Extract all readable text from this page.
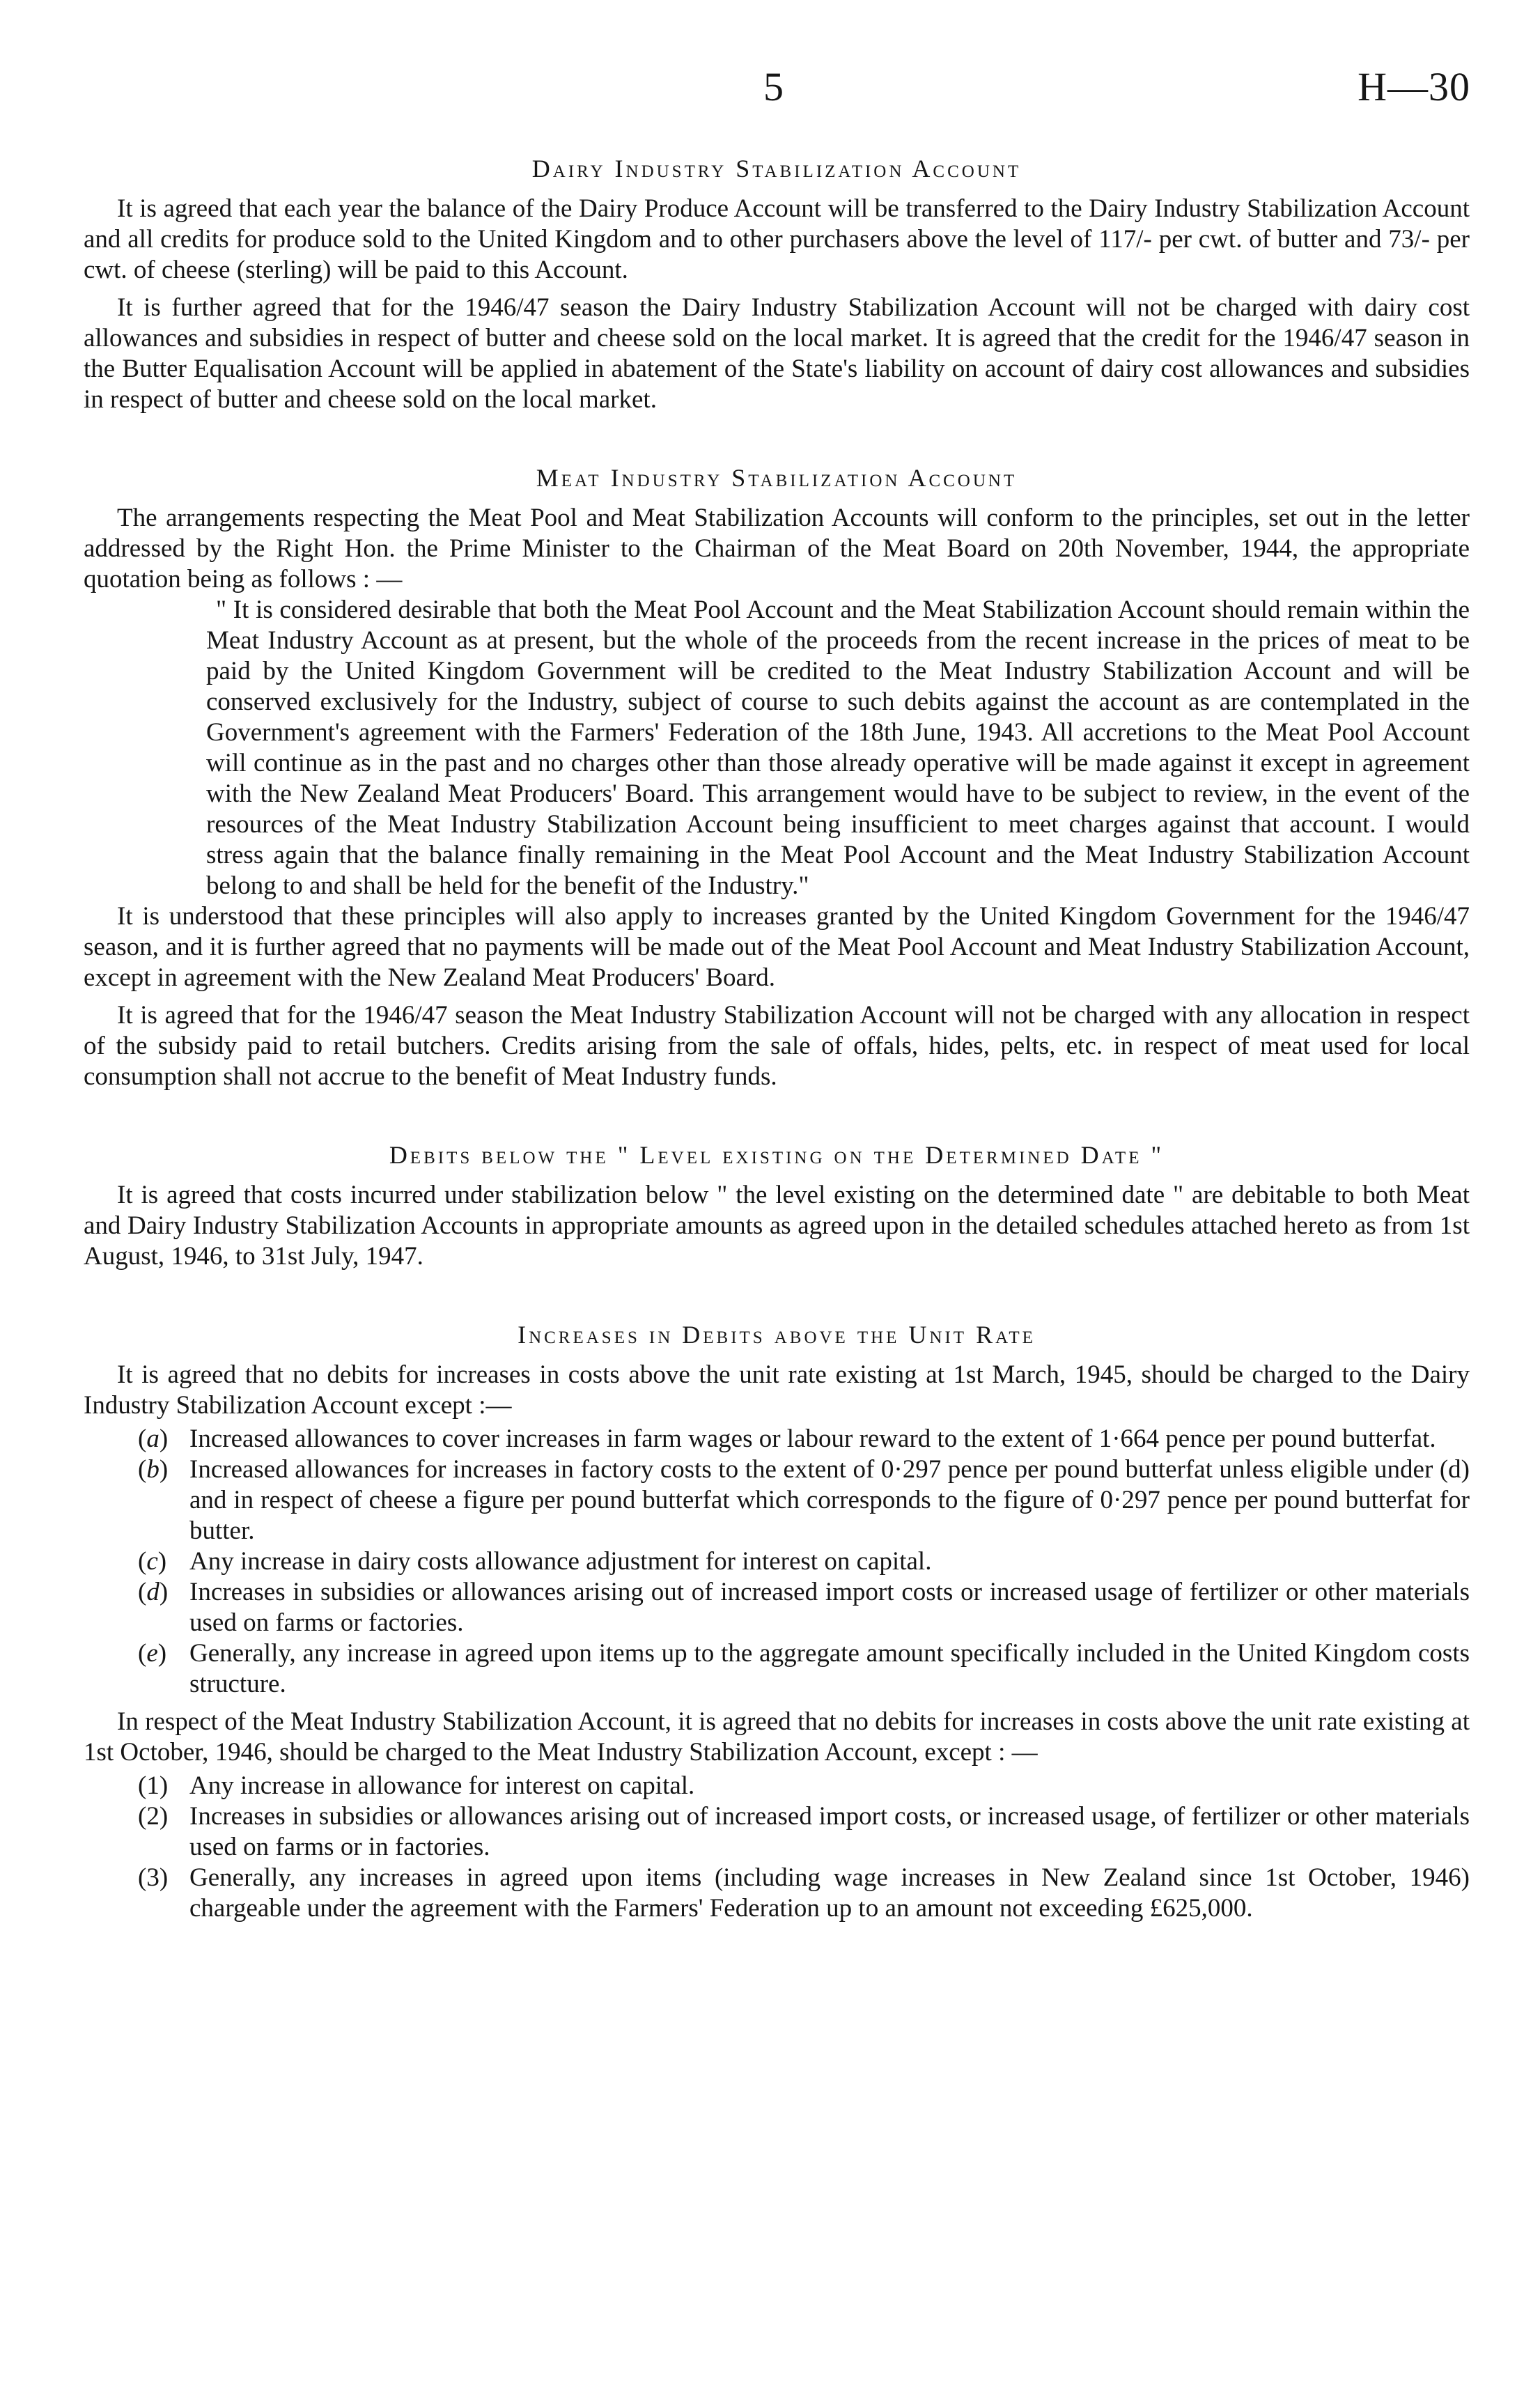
5	H—30
Dairy Industry Stabilization Account

It is agreed that each year the balance of the Dairy Produce Account will be transferred to the Dairy Industry Stabilization Account and all credits for produce sold to the United Kingdom and to other purchasers above the level of 117/- per cwt. of butter and 73/- per cwt. of cheese (sterling) will be paid to this Account.

It is further agreed that for the 1946/47 season the Dairy Industry Stabilization Account will not be charged with dairy cost allowances and subsidies in respect of butter and cheese sold on the local market. It is agreed that the credit for the 1946/47 season in the Butter Equalisation Account will be applied in abatement of the State's liability on account of dairy cost allowances and subsidies in respect of butter and cheese sold on the local market.

Meat Industry Stabilization Account

The arrangements respecting the Meat Pool and Meat Stabilization Accounts will conform to the principles, set out in the letter addressed by the Right Hon. the Prime Minister to the Chairman of the Meat Board on 20th November, 1944, the appropriate quotation being as follows : —

" It is considered desirable that both the Meat Pool Account and the Meat Stabilization Account should remain within the Meat Industry Account as at present, but the whole of the proceeds from the recent increase in the prices of meat to be paid by the United Kingdom Government will be credited to the Meat Industry Stabilization Account and will be conserved exclusively for the Industry, subject of course to such debits against the account as are contemplated in the Government's agreement with the Farmers' Federation of the 18th June, 1943. All accretions to the Meat Pool Account will continue as in the past and no charges other than those already operative will be made against it except in agreement with the New Zealand Meat Producers' Board. This arrangement would have to be subject to review, in the event of the resources of the Meat Industry Stabilization Account being insufficient to meet charges against that account. I would stress again that the balance finally remaining in the Meat Pool Account and the Meat Industry Stabilization Account belong to and shall be held for the benefit of the Industry."

It is understood that these principles will also apply to increases granted by the United Kingdom Government for the 1946/47 season, and it is further agreed that no payments will be made out of the Meat Pool Account and Meat Industry Stabilization Account, except in agreement with the New Zealand Meat Producers' Board.

It is agreed that for the 1946/47 season the Meat Industry Stabilization Account will not be charged with any allocation in respect of the subsidy paid to retail butchers. Credits arising from the sale of offals, hides, pelts, etc. in respect of meat used for local consumption shall not accrue to the benefit of Meat Industry funds.

Debits below the " Level existing on the Determined Date "

It is agreed that costs incurred under stabilization below " the level existing on the determined date " are debitable to both Meat and Dairy Industry Stabilization Accounts in appropriate amounts as agreed upon in the detailed schedules attached hereto as from 1st August, 1946, to 31st July, 1947.

Increases in Debits above the Unit Rate

It is agreed that no debits for increases in costs above the unit rate existing at 1st March, 1945, should be charged to the Dairy Industry Stabilization Account except :—

(a) Increased allowances to cover increases in farm wages or labour reward to the extent of 1·664 pence per pound butterfat.
(b) Increased allowances for increases in factory costs to the extent of 0·297 pence per pound butterfat unless eligible under (d) and in respect of cheese a figure per pound butterfat which corresponds to the figure of 0·297 pence per pound butterfat for butter.
(c) Any increase in dairy costs allowance adjustment for interest on capital.
(d) Increases in subsidies or allowances arising out of increased import costs or increased usage of fertilizer or other materials used on farms or factories.
(e) Generally, any increase in agreed upon items up to the aggregate amount specifically included in the United Kingdom costs structure.

In respect of the Meat Industry Stabilization Account, it is agreed that no debits for increases in costs above the unit rate existing at 1st October, 1946, should be charged to the Meat Industry Stabilization Account, except : —

(1) Any increase in allowance for interest on capital.
(2) Increases in subsidies or allowances arising out of increased import costs, or increased usage, of fertilizer or other materials used on farms or in factories.
(3) Generally, any increases in agreed upon items (including wage increases in New Zealand since 1st October, 1946) chargeable under the agreement with the Farmers' Federation up to an amount not exceeding £625,000.
